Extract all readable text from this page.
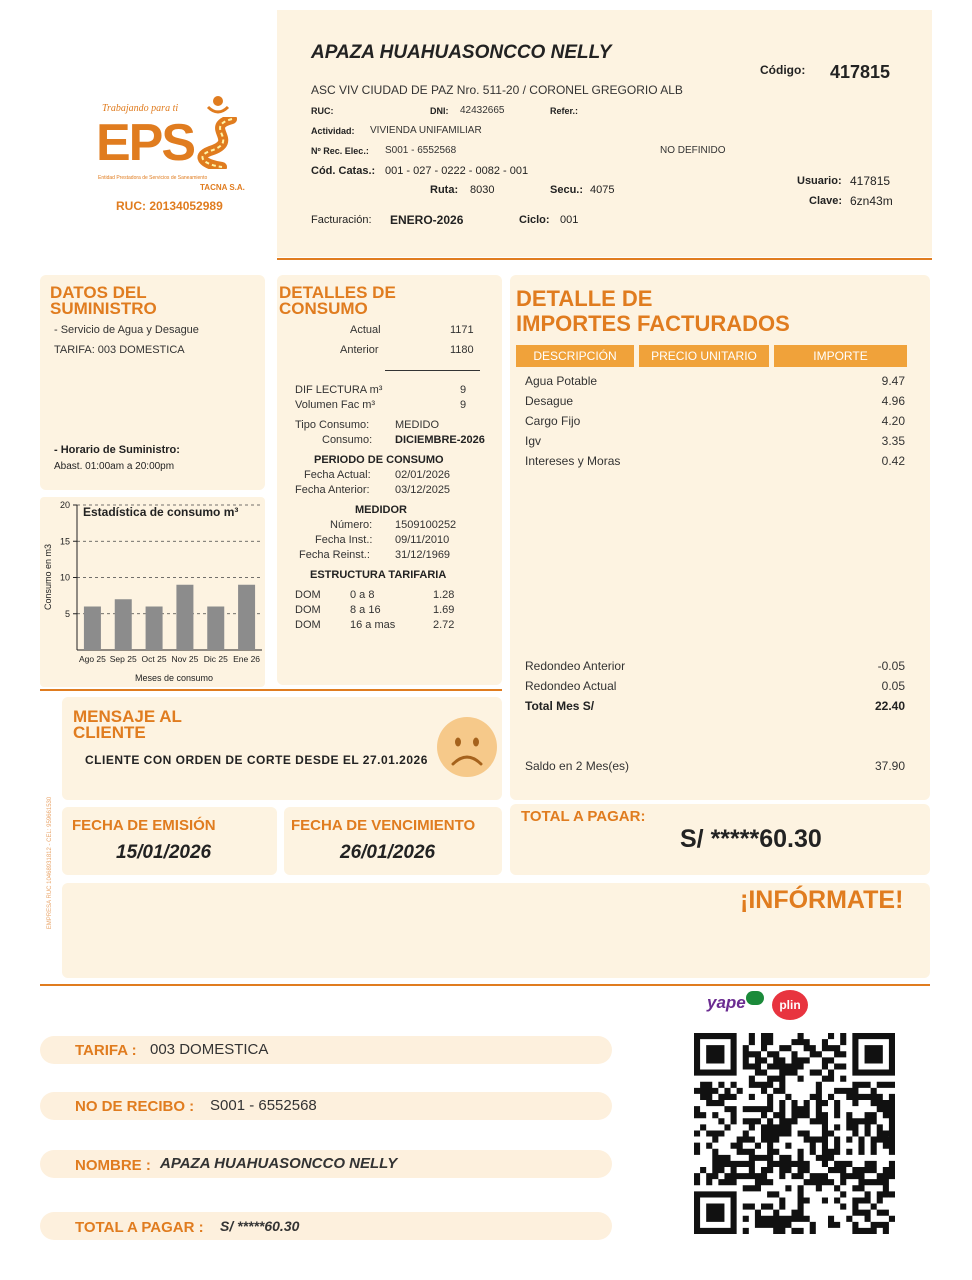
Trabajando para ti
EPS
Entidad Prestadora de Servicios de Saneamiento
TACNA S.A.
RUC: 20134052989
APAZA HUAHUASONCCO NELLY
ASC VIV CIUDAD DE PAZ Nro. 511-20 / CORONEL GREGORIO ALB
Código: 417815
RUC:	DNI: 42432665	Refer.:
Actividad: VIVIENDA UNIFAMILIAR
Nº Rec. Elec.: S001 - 6552568	NO DEFINIDO
Cód. Catas.: 001 - 027 - 0222 - 0082 - 001
Ruta: 8030	Secu.: 4075
Usuario: 417815
Clave: 6zn43m
Facturación: ENERO-2026	Ciclo: 001
DATOS DEL
SUMINISTRO
- Servicio de Agua y Desague
TARIFA: 003 DOMESTICA
- Horario de Suministro:
Abast. 01:00am a 20:00pm
20
15
10
5
Ago 25 Sep 25 Oct 25 Nov 25 Dic 25 Ene 26
Estadística de consumo m³
Meses de consumo
Consumo en m3
DETALLES DE
CONSUMO
Actual	1171
Anterior	1180
DIF LECTURA m³	9
Volumen Fac m³	9
Tipo Consumo: MEDIDO
Consumo: DICIEMBRE-2026
PERIODO DE CONSUMO
Fecha Actual: 02/01/2026
Fecha Anterior: 03/12/2025
MEDIDOR
Número: 1509100252
Fecha Inst.: 09/11/2010
Fecha Reinst.: 31/12/1969
ESTRUCTURA TARIFARIA
DOM	0 a 8	1.28
DOM	8 a 16	1.69
DOM	16 a mas	2.72
DETALLE DE
IMPORTES FACTURADOS
DESCRIPCIÓN	PRECIO UNITARIO	IMPORTE
Agua Potable	9.47
Desague	4.96
Cargo Fijo	4.20
Igv	3.35
Intereses y Moras	0.42
Redondeo Anterior	-0.05
Redondeo Actual	0.05
Total Mes S/	22.40
Saldo en 2 Mes(es)	37.90
MENSAJE AL
CLIENTE
CLIENTE CON ORDEN DE CORTE DESDE EL 27.01.2026
EMPRESA RUC 10468931812 - CEL: 959661530 FECHA DE EMISIÓN
15/01/2026
FECHA DE VENCIMIENTO
26/01/2026
TOTAL A PAGAR:
S/ *****60.30
¡INFÓRMATE!
yape	plin
TARIFA : 003 DOMESTICA
NO DE RECIBO : S001 - 6552568
NOMBRE : APAZA HUAHUASONCCO NELLY
TOTAL A PAGAR : S/ *****60.30
